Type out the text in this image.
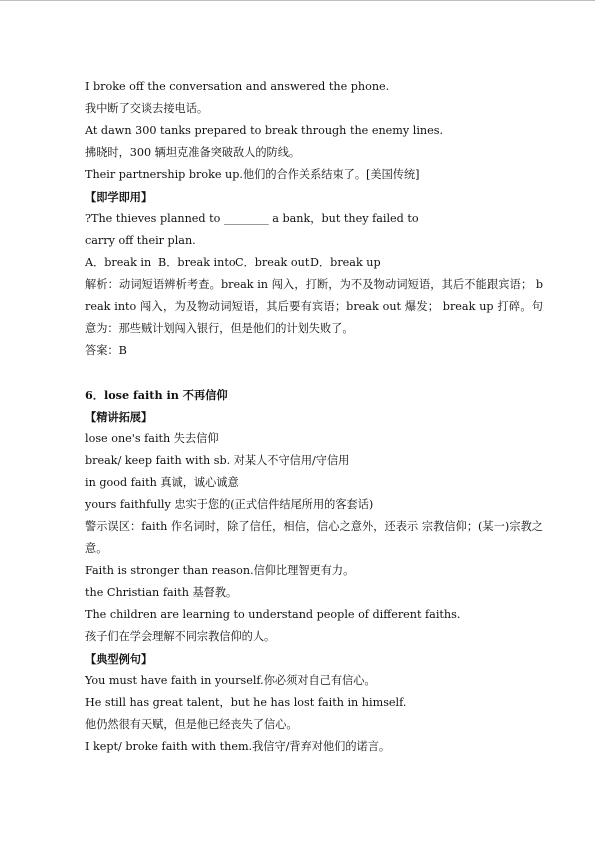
I broke off the conversation and answered the phone.

我中断了交谈去接电话。

At dawn 300 tanks prepared to break through the enemy lines.

拂晓时，300 辆坦克准备突破敌人的防线。

Their partnership broke up.他们的合作关系结束了。[美国传统]

【即学即用】

?The thieves planned to ________ a bank，but they failed to

carry off their plan.

A．break in B．break into C．break out D．break up

解析：动词短语辨析考查。break in 闯入，打断，为不及物动词短语，其后不能跟宾语； break into 闯入，为及物动词短语，其后要有宾语；break out 爆发； break up 打碎。句意为：那些贼计划闯入银行，但是他们的计划失败了。

答案：B

6．lose faith in 不再信仰

【精讲拓展】

lose one's faith 失去信仰

break/ keep faith with sb. 对某人不守信用/守信用

in good faith 真诚，诚心诚意

yours faithfully 忠实于您的(正式信件结尾所用的客套话)

警示误区：faith 作名词时，除了信任，相信，信心之意外，还表示 宗教信仰；(某一)宗教之意。

Faith is stronger than reason.信仰比理智更有力。

the Christian faith 基督教。

The children are learning to understand people of different faiths.

孩子们在学会理解不同宗教信仰的人。

【典型例句】

You must have faith in yourself.你必须对自己有信心。

He still has great talent，but he has lost faith in himself.

他仍然很有天赋，但是他已经丧失了信心。

I kept/ broke faith with them.我信守/背弃对他们的诺言。
